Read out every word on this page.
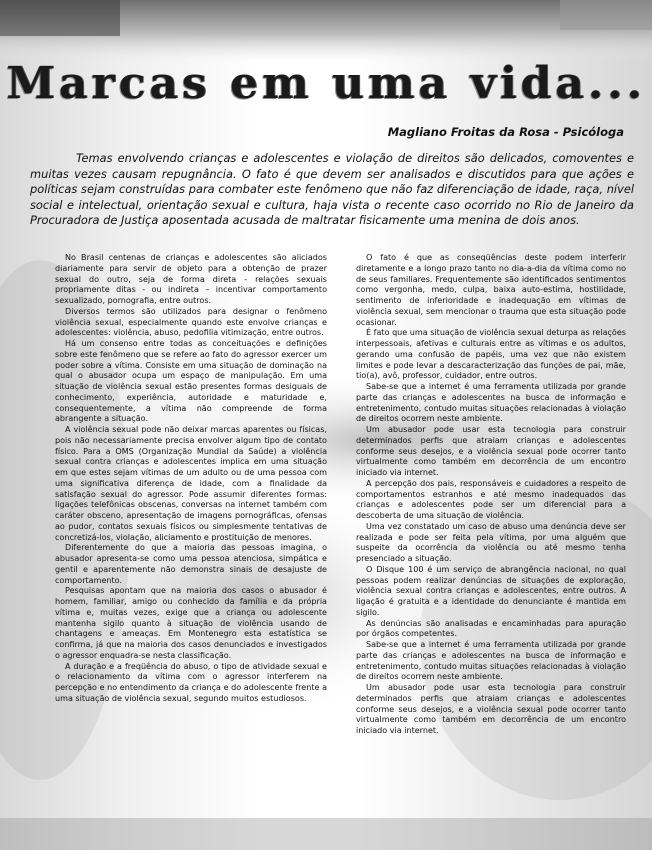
Marcas em uma vida...
Magliano Froitas da Rosa - Psicóloga
Temas envolvendo crianças e adolescentes e violação de direitos são delicados, comoventes e muitas vezes causam repugnância. O fato é que devem ser analisados e discutidos para que ações e políticas sejam construídas para combater este fenômeno que não faz diferenciação de idade, raça, nível social e intelectual, orientação sexual e cultura, haja vista o recente caso ocorrido no Rio de Janeiro da Procuradora de Justiça aposentada acusada de maltratar fisicamente uma menina de dois anos.

No Brasil centenas de crianças e adolescentes são aliciados diariamente para servir de objeto para a obtenção de prazer sexual do outro, seja de forma direta - relações sexuais propriamente ditas - ou indireta – incentivar comportamento sexualizado, pornografia, entre outros.

Diversos termos são utilizados para designar o fenômeno violência sexual, especialmente quando este envolve crianças e adolescentes: violência, abuso, pedofilia vitimização, entre outros.

Há um consenso entre todas as conceituações e definições sobre este fenômeno que se refere ao fato do agressor exercer um poder sobre a vítima. Consiste em uma situação de dominação na qual o abusador ocupa um espaço de manipulação. Em uma situação de violência sexual estão presentes formas desiguais de conhecimento, experiência, autoridade e maturidade e, consequentemente, a vítima não compreende de forma abrangente a situação.

A violência sexual pode não deixar marcas aparentes ou físicas, pois não necessariamente precisa envolver algum tipo de contato físico. Para a OMS (Organização Mundial da Saúde) a violência sexual contra crianças e adolescentes implica em uma situação em que estes sejam vítimas de um adulto ou de uma pessoa com uma significativa diferença de idade, com a finalidade da satisfação sexual do agressor. Pode assumir diferentes formas: ligações telefônicas obscenas, conversas na internet também com caráter obsceno, apresentação de imagens pornográficas, ofensas ao pudor, contatos sexuais físicos ou simplesmente tentativas de concretizá-los, violação, aliciamento e prostituição de menores.

Diferentemente do que a maioria das pessoas imagina, o abusador apresenta-se como uma pessoa atenciosa, simpática e gentil e aparentemente não demonstra sinais de desajuste de comportamento.

Pesquisas apontam que na maioria dos casos o abusador é homem, familiar, amigo ou conhecido da família e da própria vítima e, muitas vezes, exige que a criança ou adolescente mantenha sigilo quanto à situação de violência usando de chantagens e ameaças. Em Montenegro esta estatística se confirma, já que na maioria dos casos denunciados e investigados o agressor enquadra-se nesta classificação.

A duração e a freqüência do abuso, o tipo de atividade sexual e o relacionamento da vítima com o agressor interferem na percepção e no entendimento da criança e do adolescente frente a uma situação de violência sexual, segundo muitos estudiosos.

O fato é que as conseqüências deste podem interferir diretamente e a longo prazo tanto no dia-a-dia da vítima como no de seus familiares. Frequentemente são identificados sentimentos como vergonha, medo, culpa, baixa auto-estima, hostilidade, sentimento de inferioridade e inadequação em vítimas de violência sexual, sem mencionar o trauma que esta situação pode ocasionar.

É fato que uma situação de violência sexual deturpa as relações interpessoais, afetivas e culturais entre as vítimas e os adultos, gerando uma confusão de papéis, uma vez que não existem limites e pode levar a descaracterização das funções de pai, mãe, tio(a), avô, professor, cuidador, entre outros.

Sabe-se que a internet é uma ferramenta utilizada por grande parte das crianças e adolescentes na busca de informação e entretenimento, contudo muitas situações relacionadas à violação de direitos ocorrem neste ambiente.

Um abusador pode usar esta tecnologia para construir determinados perfis que atraiam crianças e adolescentes conforme seus desejos, e a violência sexual pode ocorrer tanto virtualmente como também em decorrência de um encontro iniciado via internet.

A percepção dos pais, responsáveis e cuidadores a respeito de comportamentos estranhos e até mesmo inadequados das crianças e adolescentes pode ser um diferencial para a descoberta de uma situação de violência.

Uma vez constatado um caso de abuso uma denúncia deve ser realizada e pode ser feita pela vítima, por uma alguém que suspeite da ocorrência da violência ou até mesmo tenha presenciado a situação.

O Disque 100 é um serviço de abrangência nacional, no qual pessoas podem realizar denúncias de situações de exploração, violência sexual contra crianças e adolescentes, entre outros. A ligação é gratuita e a identidade do denunciante é mantida em sigilo.

As denúncias são analisadas e encaminhadas para apuração por órgãos competentes.

Sabe-se que a internet é uma ferramenta utilizada por grande parte das crianças e adolescentes na busca de informação e entretenimento, contudo muitas situações relacionadas à violação de direitos ocorrem neste ambiente.

Um abusador pode usar esta tecnologia para construir determinados perfis que atraiam crianças e adolescentes conforme seus desejos, e a violência sexual pode ocorrer tanto virtualmente como também em decorrência de um encontro iniciado via internet.
